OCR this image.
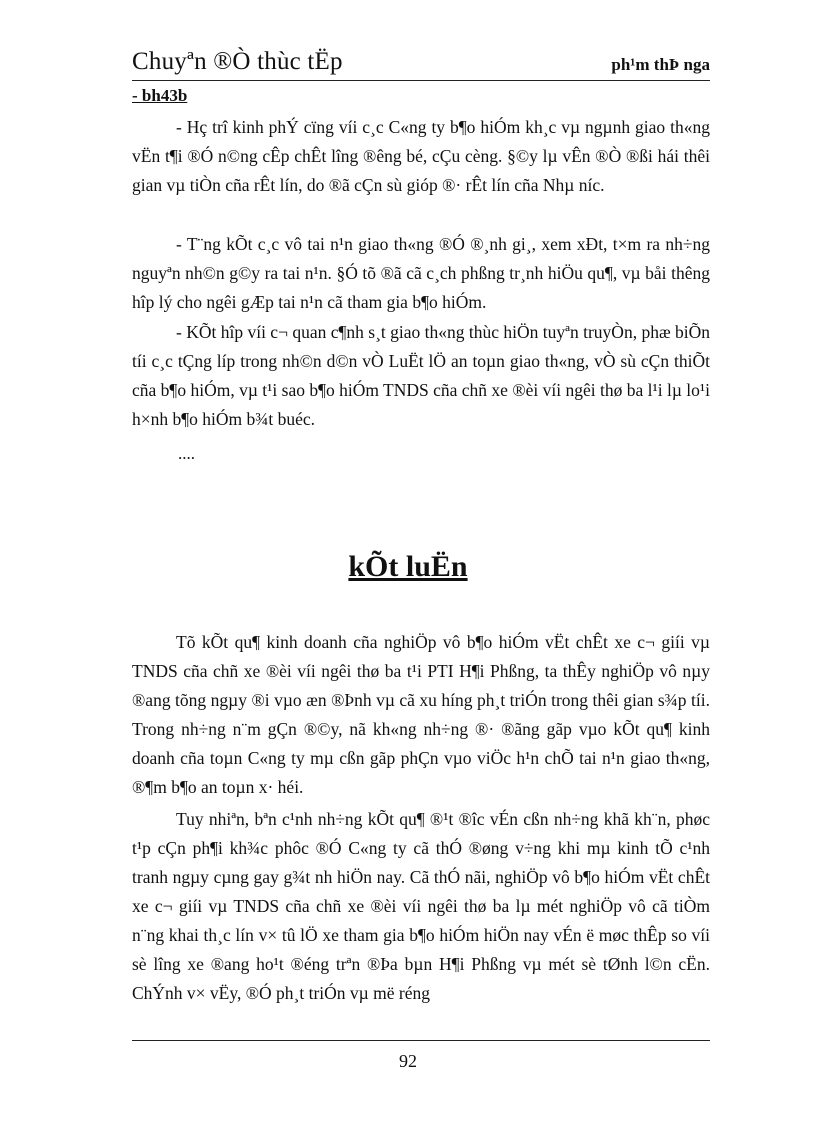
Chuyªn ®Ò thùc tËp	ph¹m thÞ nga
- bh43b

- Hç trî kinh phÝ cïng víi c¸c C«ng ty b¶o hiÓm kh¸c vµ ngµnh giao th«ng vËn t¶i ®Ó n©ng cÊp chÊt lîng ®êng bé, cÇu cèng. §©y lµ vÊn ®Ò ®ßi hái thêi gian vµ tiÒn cña rÊt lín, do ®ã cÇn sù gióp ®· rÊt lín cña Nhµ níc.

- T¨ng kÕt c¸c vô tai n¹n giao th«ng ®Ó ®¸nh gi¸, xem xÐt, t×m ra nh÷ng nguyªn nh©n g©y ra tai n¹n. §Ó tõ ®ã cã c¸ch phßng tr¸nh hiÖu qu¶, vµ båi thêng hîp lý cho ngêi gÆp tai n¹n cã tham gia b¶o hiÓm.

- KÕt hîp víi c¬ quan c¶nh s¸t giao th«ng thùc hiÖn tuyªn truyÒn, phæ biÕn tíi c¸c tÇng líp trong nh©n d©n vÒ LuËt lÖ an toµn giao th«ng, vÒ sù cÇn thiÕt cña b¶o hiÓm, vµ t¹i sao b¶o hiÓm TNDS cña chñ xe ®èi víi ngêi thø ba l¹i lµ lo¹i h×nh b¶o hiÓm b¾t buéc.

....
kÕt luËn

Tõ kÕt qu¶ kinh doanh cña nghiÖp vô b¶o hiÓm vËt chÊt xe c¬ giíi vµ TNDS cña chñ xe ®èi víi ngêi thø ba t¹i PTI H¶i Phßng, ta thÊy nghiÖp vô nµy ®ang tõng ngµy ®i vµo æn ®Þnh vµ cã xu híng ph¸t triÓn trong thêi gian s¾p tíi. Trong nh÷ng n¨m gÇn ®©y, nã kh«ng nh÷ng ®· ®ãng gãp vµo kÕt qu¶ kinh doanh cña toµn C«ng ty mµ cßn gãp phÇn vµo viÖc h¹n chÕ tai n¹n giao th«ng, ®¶m b¶o an toµn x· héi.

Tuy nhiªn, bªn c¹nh nh÷ng kÕt qu¶ ®¹t ®îc vÉn cßn nh÷ng khã kh¨n, phøc t¹p cÇn ph¶i kh¾c phôc ®Ó C«ng ty cã thÓ ®øng v÷ng khi mµ kinh tÕ c¹nh tranh ngµy cµng gay g¾t nh hiÖn nay. Cã thÓ nãi, nghiÖp vô b¶o hiÓm vËt chÊt xe c¬ giíi vµ TNDS cña chñ xe ®èi víi ngêi thø ba lµ mét nghiÖp vô cã tiÒm n¨ng khai th¸c lín v× tû lÖ xe tham gia b¶o hiÓm hiÖn nay vÉn ë møc thÊp so víi sè lîng xe ®ang ho¹t ®éng trªn ®Þa bµn H¶i Phßng vµ mét sè tØnh l©n cËn. ChÝnh v× vËy, ®Ó ph¸t triÓn vµ më réng

92
